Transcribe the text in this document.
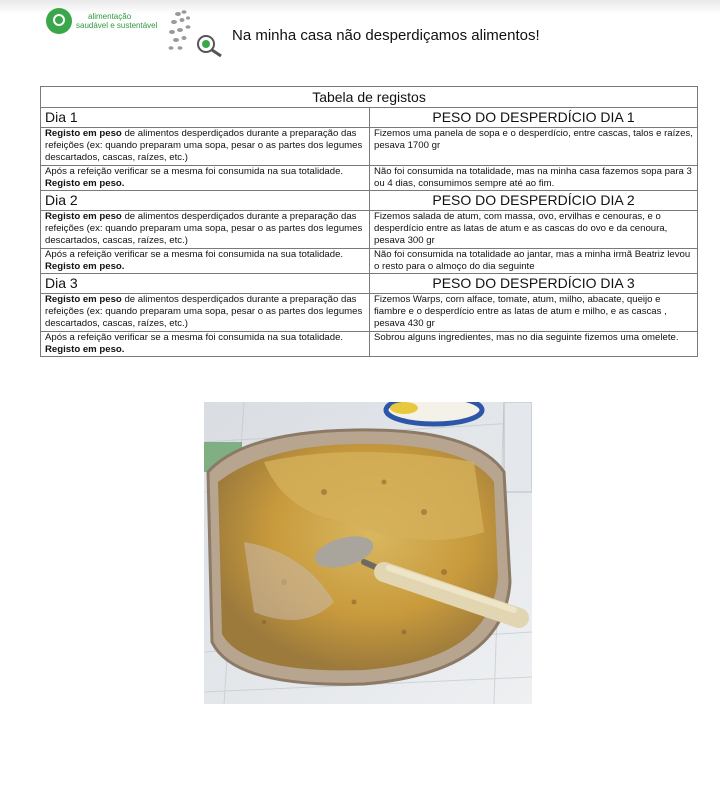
alimentação
saudável e sustentável
Na minha casa não desperdiçamos alimentos!
Tabela de registos	
Dia 1	PESO DO DESPERDÍCIO DIA 1
Registo em peso de alimentos desperdiçados durante a preparação das refeições (ex: quando preparam uma sopa, pesar o as partes dos legumes descartados, cascas, raízes, etc.)	Fizemos uma panela de sopa e o desperdício, entre cascas, talos e raízes, pesava 1700 gr
Após a refeição verificar se a mesma foi consumida na sua totalidade.
Registo em peso.	Não foi consumida na totalidade, mas na minha casa fazemos sopa para 3 ou 4 dias, consumimos sempre até ao fim.
Dia 2	PESO DO DESPERDÍCIO DIA 2
Registo em peso de alimentos desperdiçados durante a preparação das refeições (ex: quando preparam uma sopa, pesar o as partes dos legumes descartados, cascas, raízes, etc.)	Fizemos salada de atum, com massa, ovo, ervilhas e cenouras, e o desperdício entre as latas de atum e as cascas do ovo e da cenoura, pesava 300 gr
Após a refeição verificar se a mesma foi consumida na sua totalidade.
Registo em peso.	Não foi consumida na totalidade ao jantar, mas a minha irmã Beatriz levou o resto para o almoço do dia seguinte
Dia 3	PESO DO DESPERDÍCIO DIA 3
Registo em peso de alimentos desperdiçados durante a preparação das refeições (ex: quando preparam uma sopa, pesar o as partes dos legumes descartados, cascas, raízes, etc.)	Fizemos Warps, corn alface, tomate, atum, milho, abacate, queijo e fiambre e o desperdício entre as latas de atum e milho, e as cascas , pesava 430 gr
Após a refeição verificar se a mesma foi consumida na sua totalidade.
Registo em peso.	Sobrou alguns ingredientes, mas no dia seguinte fizemos uma omelete.
